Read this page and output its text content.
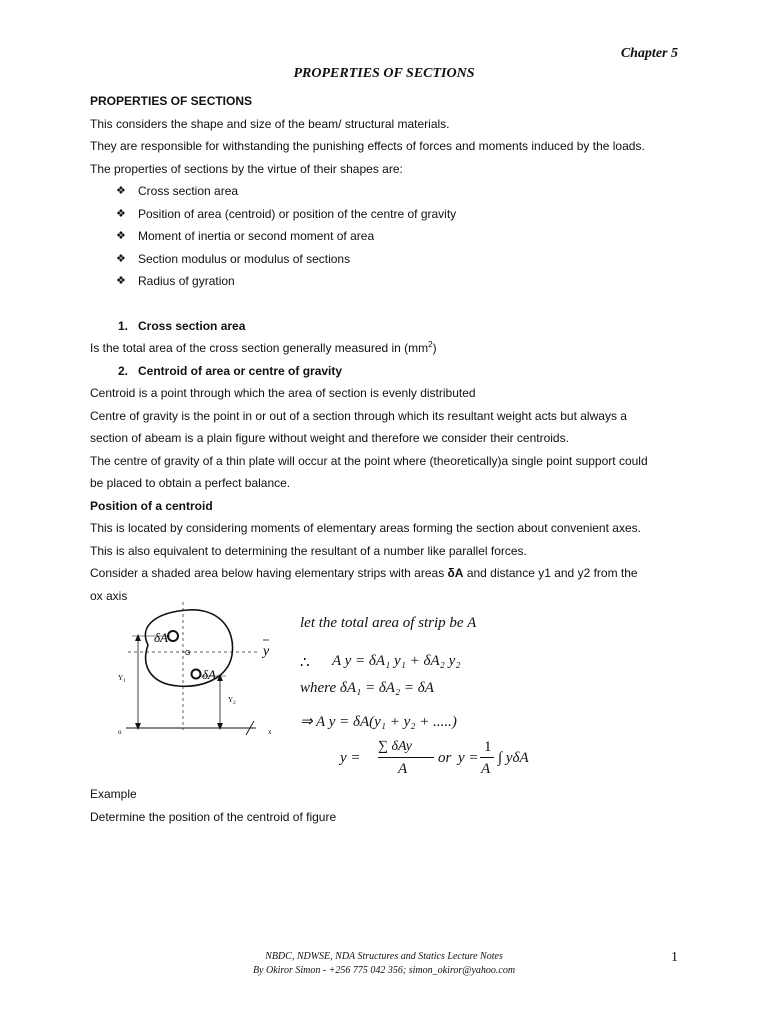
Chapter 5
PROPERTIES OF SECTIONS

PROPERTIES OF SECTIONS

This considers the shape and size of the beam/ structural materials.

They are responsible for withstanding the punishing effects of forces and moments induced by the loads.

The properties of sections by the virtue of their shapes are:

❖ Cross section area
❖ Position of area (centroid) or position of the centre of gravity
❖ Moment of inertia or second moment of area
❖ Section modulus or modulus of sections
❖ Radius of gyration

1. Cross section area

Is the total area of the cross section generally measured in $(mm^2)$

2. Centroid of area or centre of gravity

Centroid is a point through which the area of section is evenly distributed

Centre of gravity is the point in or out of a section through which its resultant weight acts but always a

section of abeam is a plain figure without weight and therefore we consider their centroids.

The centre of gravity of a thin plate will occur at the point where (theoretically)a single point support could

be placed to obtain a perfect balance.

Position of a centroid

This is located by considering moments of elementary areas forming the section about convenient axes.

This is also equivalent to determining the resultant of a number like parallel forces.

Consider a shaded area below having elementary strips with areas δA and distance y1 and y2 from the

ox axis

δA
δA
G	y
$Y_1$
$Y_2$
o	x
let the total area of strip be A
∴ A y = δA₁ y₁ + δA₂ y₂
where δA₁ = δA₂ = δA
⇒ A y = δA(y₁ + y₂ + .....)
y =
∑ δAy
A
or y =
1
A
∫ yδA
Example
Determine the position of the centroid of figure
NBDC, NDWSE, NDA Structures and Statics Lecture Notes
By Okiror Simon - +256 775 042 356; simon_okiror@yahoo.com
1
